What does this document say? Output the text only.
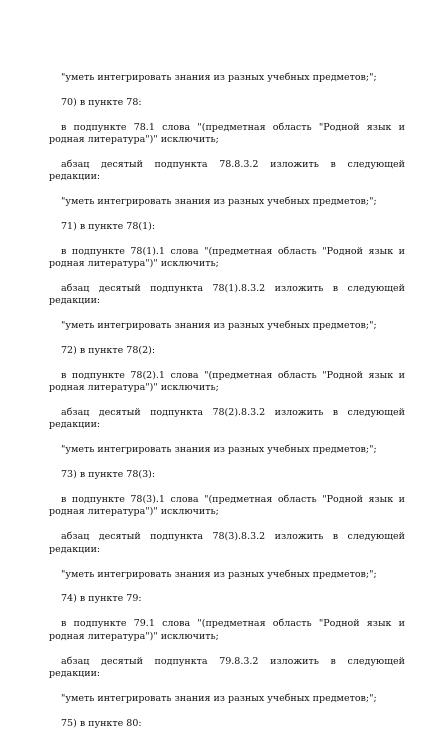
"уметь интегрировать знания из разных учебных предметов;";

70) в пункте 78:

в подпункте 78.1 слова "(предметная область "Родной язык и родная литература")" исключить;

абзац десятый подпункта 78.8.3.2 изложить в следующей редакции:

"уметь интегрировать знания из разных учебных предметов;";

71) в пункте 78(1):

в подпункте 78(1).1 слова "(предметная область "Родной язык и родная литература")" исключить;

абзац десятый подпункта 78(1).8.3.2 изложить в следующей редакции:

"уметь интегрировать знания из разных учебных предметов;";

72) в пункте 78(2):

в подпункте 78(2).1 слова "(предметная область "Родной язык и родная литература")" исключить;

абзац десятый подпункта 78(2).8.3.2 изложить в следующей редакции:

"уметь интегрировать знания из разных учебных предметов;";

73) в пункте 78(3):

в подпункте 78(3).1 слова "(предметная область "Родной язык и родная литература")" исключить;

абзац десятый подпункта 78(3).8.3.2 изложить в следующей редакции:

"уметь интегрировать знания из разных учебных предметов;";

74) в пункте 79:

в подпункте 79.1 слова "(предметная область "Родной язык и родная литература")" исключить;

абзац десятый подпункта 79.8.3.2 изложить в следующей редакции:

"уметь интегрировать знания из разных учебных предметов;";

75) в пункте 80:
